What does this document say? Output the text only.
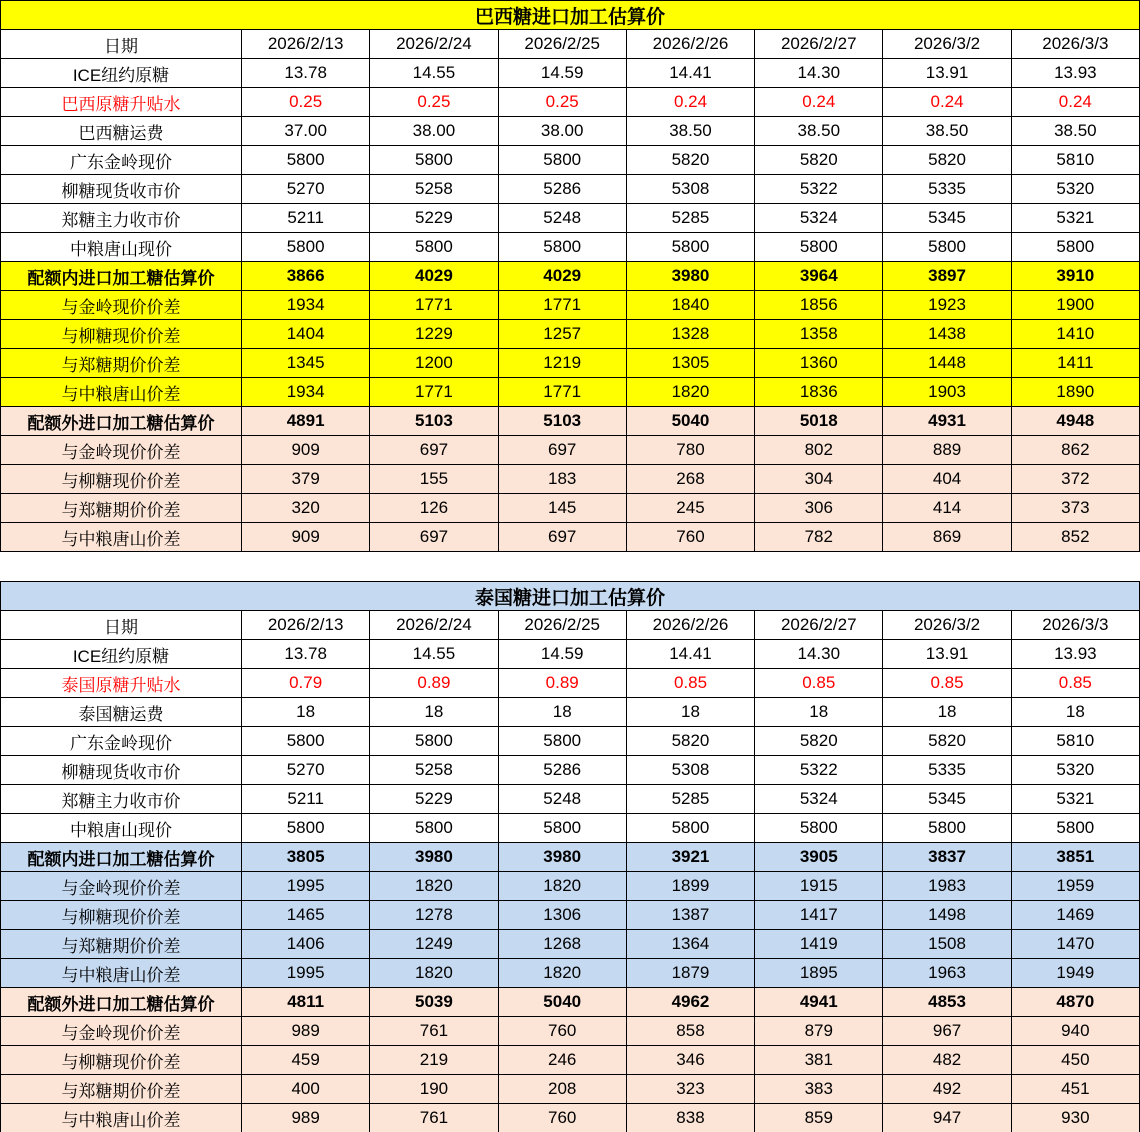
巴西糖进口加工估算价							
日期	2026/2/13	2026/2/24	2026/2/25	2026/2/26	2026/2/27	2026/3/2	2026/3/3
ICE纽约原糖	13.78	14.55	14.59	14.41	14.30	13.91	13.93
巴西原糖升贴水	0.25	0.25	0.25	0.24	0.24	0.24	0.24
巴西糖运费	37.00	38.00	38.00	38.50	38.50	38.50	38.50
广东金岭现价	5800	5800	5800	5820	5820	5820	5810
柳糖现货收市价	5270	5258	5286	5308	5322	5335	5320
郑糖主力收市价	5211	5229	5248	5285	5324	5345	5321
中粮唐山现价	5800	5800	5800	5800	5800	5800	5800
配额内进口加工糖估算价	3866	4029	4029	3980	3964	3897	3910
与金岭现价价差	1934	1771	1771	1840	1856	1923	1900
与柳糖现价价差	1404	1229	1257	1328	1358	1438	1410
与郑糖期价价差	1345	1200	1219	1305	1360	1448	1411
与中粮唐山价差	1934	1771	1771	1820	1836	1903	1890
配额外进口加工糖估算价	4891	5103	5103	5040	5018	4931	4948
与金岭现价价差	909	697	697	780	802	889	862
与柳糖现价价差	379	155	183	268	304	404	372
与郑糖期价价差	320	126	145	245	306	414	373
与中粮唐山价差	909	697	697	760	782	869	852
泰国糖进口加工估算价							
日期	2026/2/13	2026/2/24	2026/2/25	2026/2/26	2026/2/27	2026/3/2	2026/3/3
ICE纽约原糖	13.78	14.55	14.59	14.41	14.30	13.91	13.93
泰国原糖升贴水	0.79	0.89	0.89	0.85	0.85	0.85	0.85
泰国糖运费	18	18	18	18	18	18	18
广东金岭现价	5800	5800	5800	5820	5820	5820	5810
柳糖现货收市价	5270	5258	5286	5308	5322	5335	5320
郑糖主力收市价	5211	5229	5248	5285	5324	5345	5321
中粮唐山现价	5800	5800	5800	5800	5800	5800	5800
配额内进口加工糖估算价	3805	3980	3980	3921	3905	3837	3851
与金岭现价价差	1995	1820	1820	1899	1915	1983	1959
与柳糖现价价差	1465	1278	1306	1387	1417	1498	1469
与郑糖期价价差	1406	1249	1268	1364	1419	1508	1470
与中粮唐山价差	1995	1820	1820	1879	1895	1963	1949
配额外进口加工糖估算价	4811	5039	5040	4962	4941	4853	4870
与金岭现价价差	989	761	760	858	879	967	940
与柳糖现价价差	459	219	246	346	381	482	450
与郑糖期价价差	400	190	208	323	383	492	451
与中粮唐山价差	989	761	760	838	859	947	930
